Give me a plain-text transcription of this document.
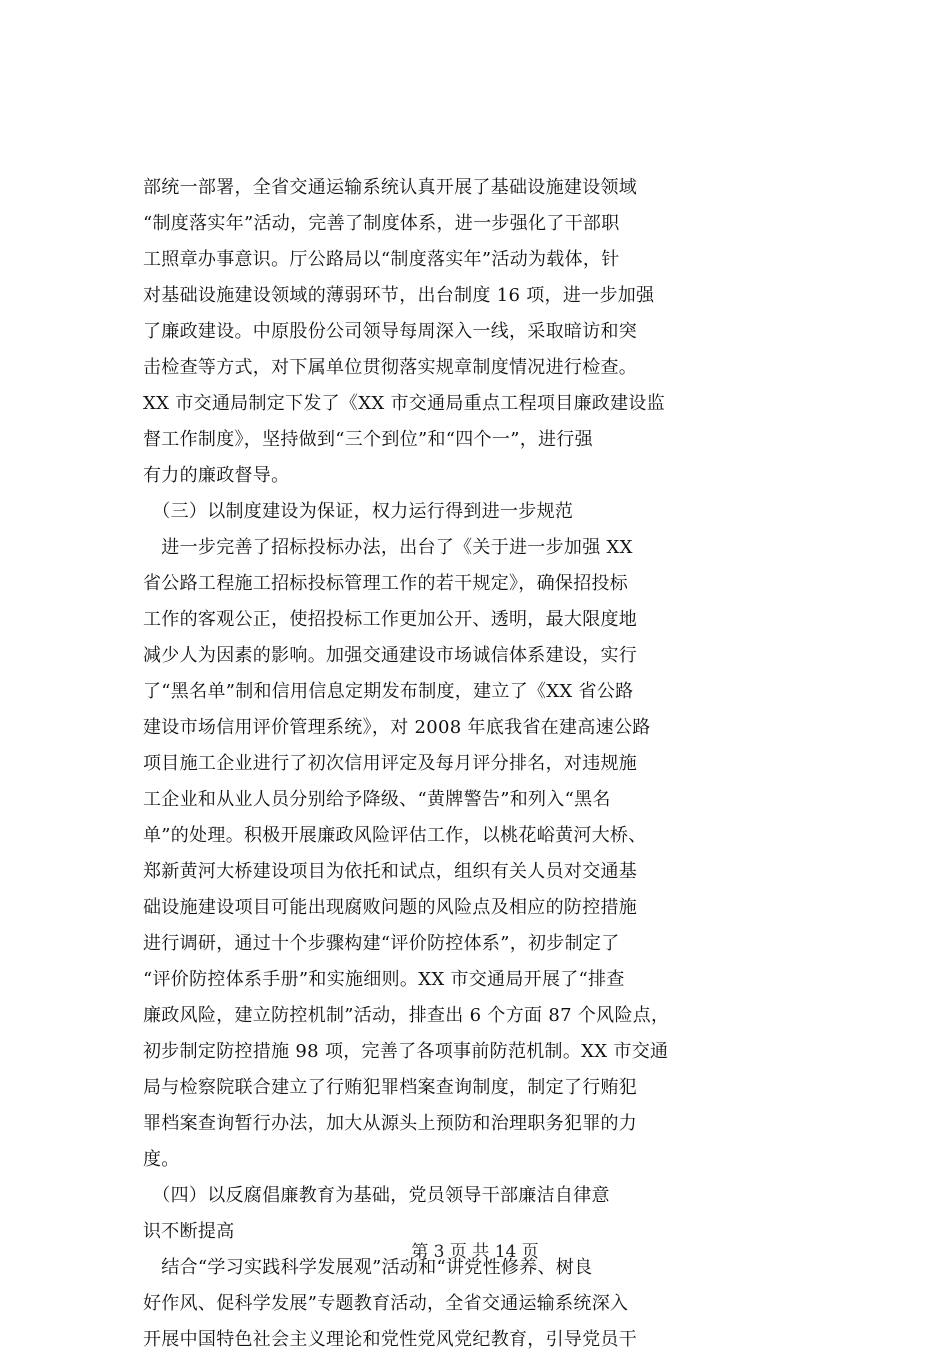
部统一部署，全省交通运输系统认真开展了基础设施建设领域
“制度落实年”活动，完善了制度体系，进一步强化了干部职
工照章办事意识。厅公路局以“制度落实年”活动为载体，针
对基础设施建设领域的薄弱环节，出台制度 16 项，进一步加强
了廉政建设。中原股份公司领导每周深入一线，采取暗访和突
击检查等方式，对下属单位贯彻落实规章制度情况进行检查。
XX 市交通局制定下发了《XX 市交通局重点工程项目廉政建设监
督工作制度》，坚持做到“三个到位”和“四个一”，进行强
有力的廉政督导。
　（三）以制度建设为保证，权力运行得到进一步规范
　进一步完善了招标投标办法，出台了《关于进一步加强 XX
省公路工程施工招标投标管理工作的若干规定》，确保招投标
工作的客观公正，使招投标工作更加公开、透明，最大限度地
减少人为因素的影响。加强交通建设市场诚信体系建设，实行
了“黑名单”制和信用信息定期发布制度，建立了《XX 省公路
建设市场信用评价管理系统》，对 2008 年底我省在建高速公路
项目施工企业进行了初次信用评定及每月评分排名，对违规施
工企业和从业人员分别给予降级、“黄牌警告”和列入“黑名
单”的处理。积极开展廉政风险评估工作，以桃花峪黄河大桥、
郑新黄河大桥建设项目为依托和试点，组织有关人员对交通基
础设施建设项目可能出现腐败问题的风险点及相应的防控措施
进行调研，通过十个步骤构建“评价防控体系”，初步制定了
“评价防控体系手册”和实施细则。XX 市交通局开展了“排查
廉政风险，建立防控机制”活动，排查出 6 个方面 87 个风险点，
初步制定防控措施 98 项，完善了各项事前防范机制。XX 市交通
局与检察院联合建立了行贿犯罪档案查询制度，制定了行贿犯
罪档案查询暂行办法，加大从源头上预防和治理职务犯罪的力
度。
　（四）以反腐倡廉教育为基础，党员领导干部廉洁自律意
识不断提高
　结合“学习实践科学发展观”活动和“讲党性修养、树良
好作风、促科学发展”专题教育活动，全省交通运输系统深入
开展中国特色社会主义理论和党性党风党纪教育，引导党员干
第 3 页 共 14 页
